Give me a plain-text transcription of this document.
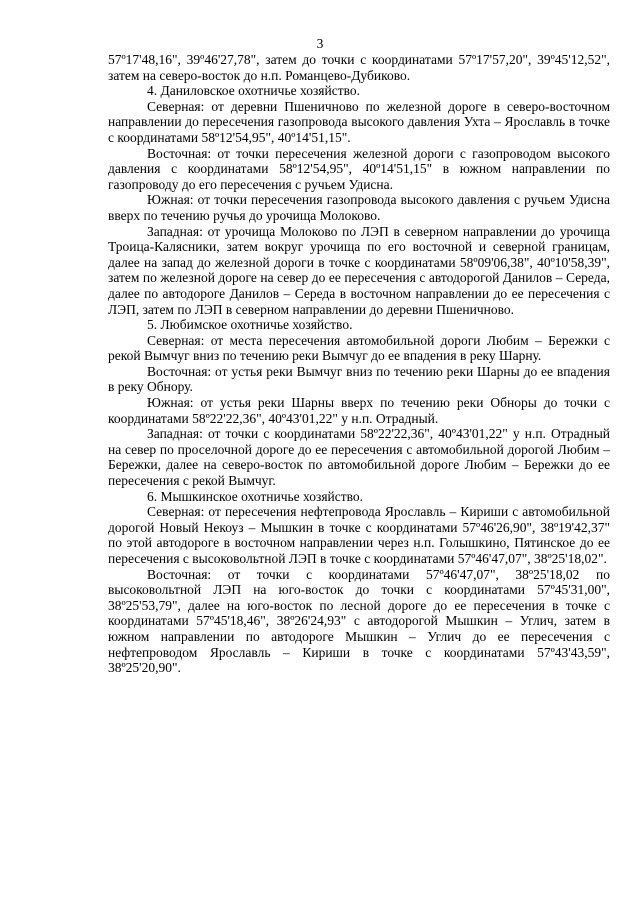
3

57º17'48,16", 39º46'27,78", затем до точки с координатами 57º17'57,20", 39º45'12,52", затем на северо-восток до н.п. Романцево-Дубиково.

4. Даниловское охотничье хозяйство.

Северная: от деревни Пшеничново по железной дороге в северо-восточном направлении до пересечения газопровода высокого давления Ухта – Ярославль в точке с координатами 58º12'54,95", 40º14'51,15".

Восточная: от точки пересечения железной дороги с газопроводом высокого давления с координатами 58º12'54,95", 40º14'51,15" в южном направлении по газопроводу до его пересечения с ручьем Удисна.

Южная: от точки пересечения газопровода высокого давления с ручьем Удисна вверх по течению ручья до урочища Молоково.

Западная: от урочища Молоково по ЛЭП в северном направлении до урочища Троица-Калясники, затем вокруг урочища по его восточной и северной границам, далее на запад до железной дороги в точке с координатами 58º09'06,38", 40º10'58,39", затем по железной дороге на север до ее пересечения с автодорогой Данилов – Середа, далее по автодороге Данилов – Середа в восточном направлении до ее пересечения с ЛЭП, затем по ЛЭП в северном направлении до деревни Пшеничново.

5. Любимское охотничье хозяйство.

Северная: от места пересечения автомобильной дороги Любим – Бережки с рекой Вымчуг вниз по течению реки Вымчуг до ее впадения в реку Шарну.

Восточная: от устья реки Вымчуг вниз по течению реки Шарны до ее впадения в реку Обнору.

Южная: от устья реки Шарны вверх по течению реки Обноры до точки с координатами 58º22'22,36", 40º43'01,22" у н.п. Отрадный.

Западная: от точки с координатами 58º22'22,36", 40º43'01,22" у н.п. Отрадный на север по проселочной дороге до ее пересечения с автомобильной дорогой Любим – Бережки, далее на северо-восток по автомобильной дороге Любим – Бережки до ее пересечения с рекой Вымчуг.

6. Мышкинское охотничье хозяйство.

Северная: от пересечения нефтепровода Ярославль – Кириши с автомобильной дорогой Новый Некоуз – Мышкин в точке с координатами 57º46'26,90", 38º19'42,37" по этой автодороге в восточном направлении через н.п. Голышкино, Пятинское до ее пересечения с высоковольтной ЛЭП в точке с координатами 57º46'47,07", 38º25'18,02".

Восточная: от точки с координатами 57º46'47,07", 38º25'18,02 по высоковольтной ЛЭП на юго-восток до точки с координатами 57º45'31,00", 38º25'53,79", далее на юго-восток по лесной дороге до ее пересечения в точке с координатами 57º45'18,46", 38º26'24,93" с автодорогой Мышкин – Углич, затем в южном направлении по автодороге Мышкин – Углич до ее пересечения с нефтепроводом Ярославль – Кириши в точке с координатами 57º43'43,59", 38º25'20,90".
